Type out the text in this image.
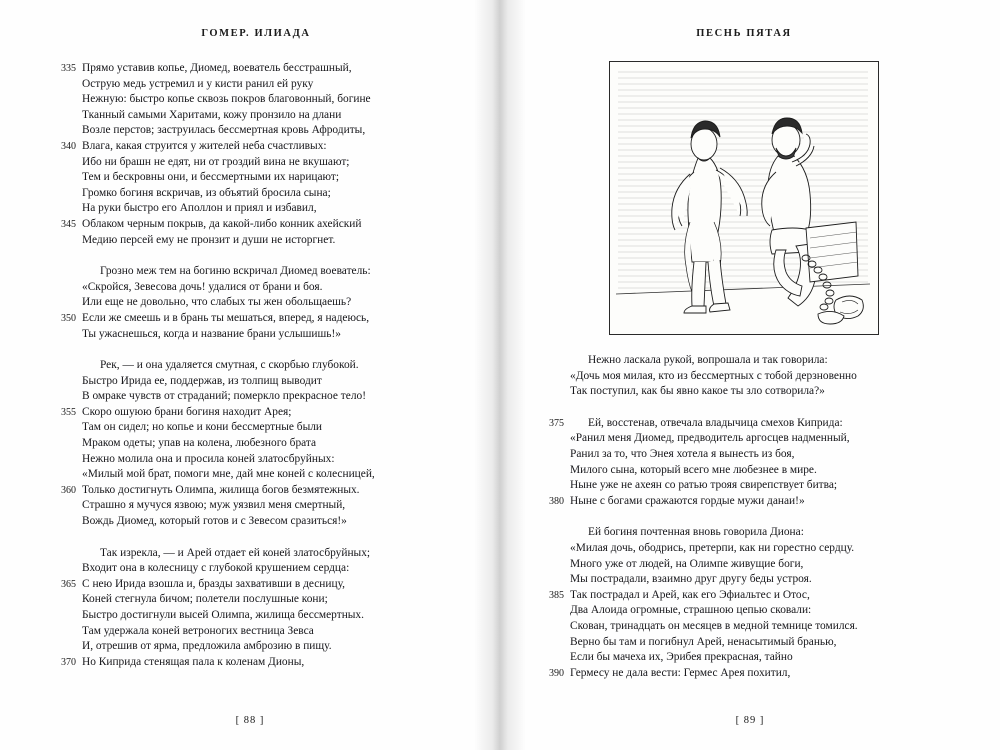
ГОМЕР. ИЛИАДА
335 Прямо уставив копье, Диомед, воеватель бесстрашный,
Острую медь устремил и у кисти ранил ей руку
Нежную: быстро копье сквозь покров благовонный, богине
Тканный самыми Харитами, кожу пронзило на длани
Возле перстов; заструилась бессмертная кровь Афродиты,
340 Влага, какая струится у жителей неба счастливых:
Ибо ни брашн не едят, ни от гроздий вина не вкушают;
Тем и бескровны они, и бессмертными их нарицают;
Громко богиня вскричав, из объятий бросила сына;
На руки быстро его Аполлон и приял и избавил,
345 Облаком черным покрыв, да какой-либо конник ахейский
Медию персей ему не пронзит и души не исторгнет.
Грозно меж тем на богиню вскричал Диомед воеватель:
«Скройся, Зевесова дочь! удалися от брани и боя.
Или еще не довольно, что слабых ты жен обольщаешь?
350 Если же смеешь и в брань ты мешаться, вперед, я надеюсь,
Ты ужаснешься, когда и название брани услышишь!»
Рек, — и она удаляется смутная, с скорбью глубокой.
Быстро Ирида ее, поддержав, из толпищ выводит
В омраке чувств от страданий; померкло прекрасное тело!
355 Скоро ошуюю брани богиня находит Арея;
Там он сидел; но копье и кони бессмертные были
Мраком одеты; упав на колена, любезного брата
Нежно молила она и просила коней златосбруйных:
«Милый мой брат, помоги мне, дай мне коней с колесницей,
360 Только достигнуть Олимпа, жилища богов безмятежных.
Страшно я мучуся язвою; муж уязвил меня смертный,
Вождь Диомед, который готов и с Зевесом сразиться!»
Так изрекла, — и Арей отдает ей коней златосбруйных;
Входит она в колесницу с глубокой крушением сердца:
365 С нею Ирида взошла и, бразды захвативши в десницу,
Коней стегнула бичом; полетели послушные кони;
Быстро достигнули высей Олимпа, жилища бессмертных.
Там удержала коней ветроногих вестница Зевса
И, отрешив от ярма, предложила амброзию в пищу.
370 Но Киприда стенящая пала к коленам Дионы,
[ 88 ]
ПЕСНЬ ПЯТАЯ
Нежно ласкала рукой, вопрошала и так говорила:
«Дочь моя милая, кто из бессмертных с тобой дерзновенно
Так поступил, как бы явно какое ты зло сотворила?»
375 Ей, восстенав, отвечала владычица смехов Киприда:
«Ранил меня Диомед, предводитель аргосцев надменный,
Ранил за то, что Энея хотела я вынесть из боя,
Милого сына, который всего мне любезнее в мире.
Ныне уже не ахеян со ратью трояя свирепствует битва;
380 Ныне с богами сражаются гордые мужи данаи!»
Ей богиня почтенная вновь говорила Диона:
«Милая дочь, ободрись, претерпи, как ни горестно сердцу.
Много уже от людей, на Олимпе живущие боги,
Мы пострадали, взаимно друг другу беды устроя.
385 Так пострадал и Арей, как его Эфиальтес и Отос,
Два Алоида огромные, страшною цепью сковали:
Скован, тринадцать он месяцев в медной темнице томился.
Верно бы там и погибнул Арей, ненасытимый бранью,
Если бы мачеха их, Эрибея прекрасная, тайно
390 Гермесу не дала вести: Гермес Арея похитил,
[ 89 ]
